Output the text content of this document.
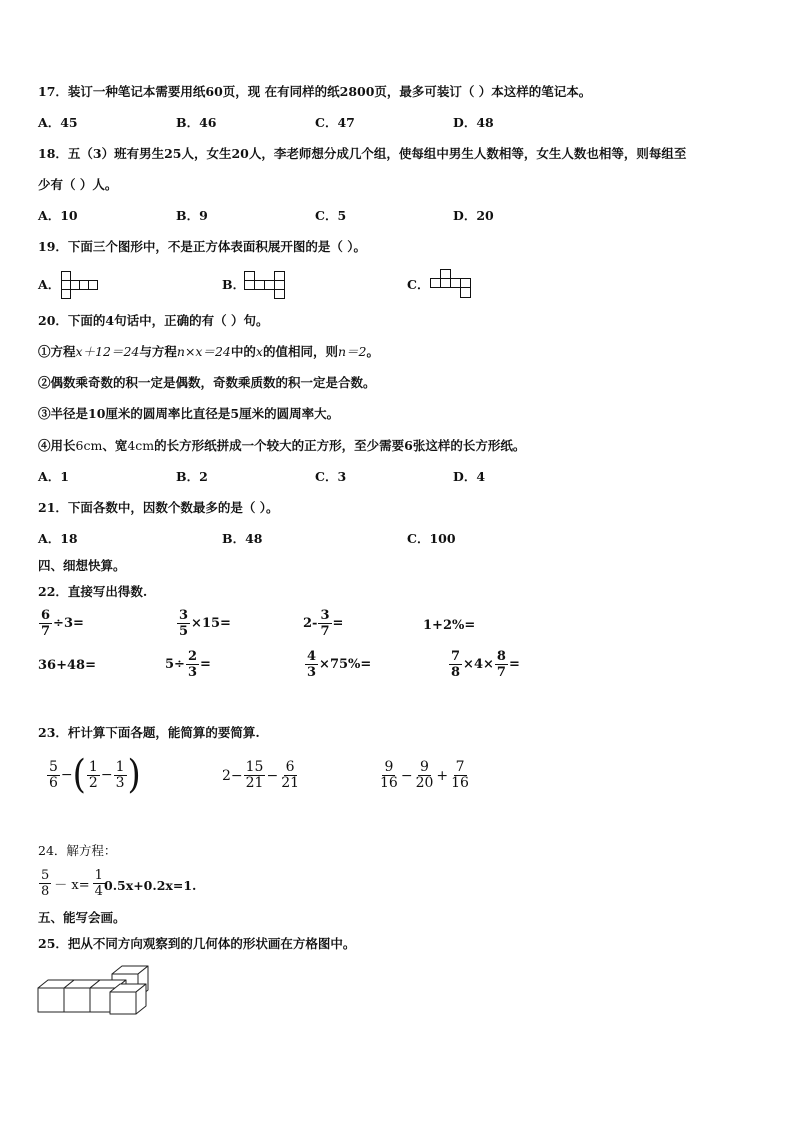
17．装订一种笔记本需要用纸60页，现 在有同样的纸2800页，最多可装订（ ）本这样的笔记本。
A．45	B．46	C．47	D．48
18．五（3）班有男生25人，女生20人，李老师想分成几个组，使每组中男生人数相等，女生人数也相等，则每组至
少有（ ）人。
A．10	B．9	C．5	D．20
19．下面三个图形中，不是正方体表面积展开图的是（ ）。
A．	B．	C．
20．下面的4句话中，正确的有（ ）句。
①方程x＋12＝24与方程n×x＝24中的x的值相同，则n＝2。
②偶数乘奇数的积一定是偶数，奇数乘质数的积一定是合数。
③半径是10厘米的圆周率比直径是5厘米的圆周率大。
④用长6cm、宽4cm的长方形纸拼成一个较大的正方形，至少需要6张这样的长方形纸。
A．1	B．2	C．3	D．4
21．下面各数中，因数个数最多的是（ ）。
A．18	B．48	C．100
四、细想快算。
22．直接写出得数.
$\frac{6}{7} \div 3=$	$\frac{3}{5} \times 15=$	$2- \frac{3}{7}$ =	1+2%=
36+48=	$5\div \frac{2}{3}$ =	$\frac{4}{3} \times 75\%=$	$\frac{7}{8} \times 4\times \frac{8}{7}$ =
23．杆计算下面各题，能简算的要简算.
$\frac{5}{6}$ − ( $\frac{1}{2} - \frac{1}{3}$ )	$2- \frac{15}{21} - \frac{6}{21}$	$\frac{9}{16} - \frac{9}{20} + \frac{7}{16}$
24．解方程：
$\frac{5}{8} - x= \frac{1}{4} 0.5x+0.2x=1$.
五、能写会画。
25．把从不同方向观察到的几何体的形状画在方格图中。
